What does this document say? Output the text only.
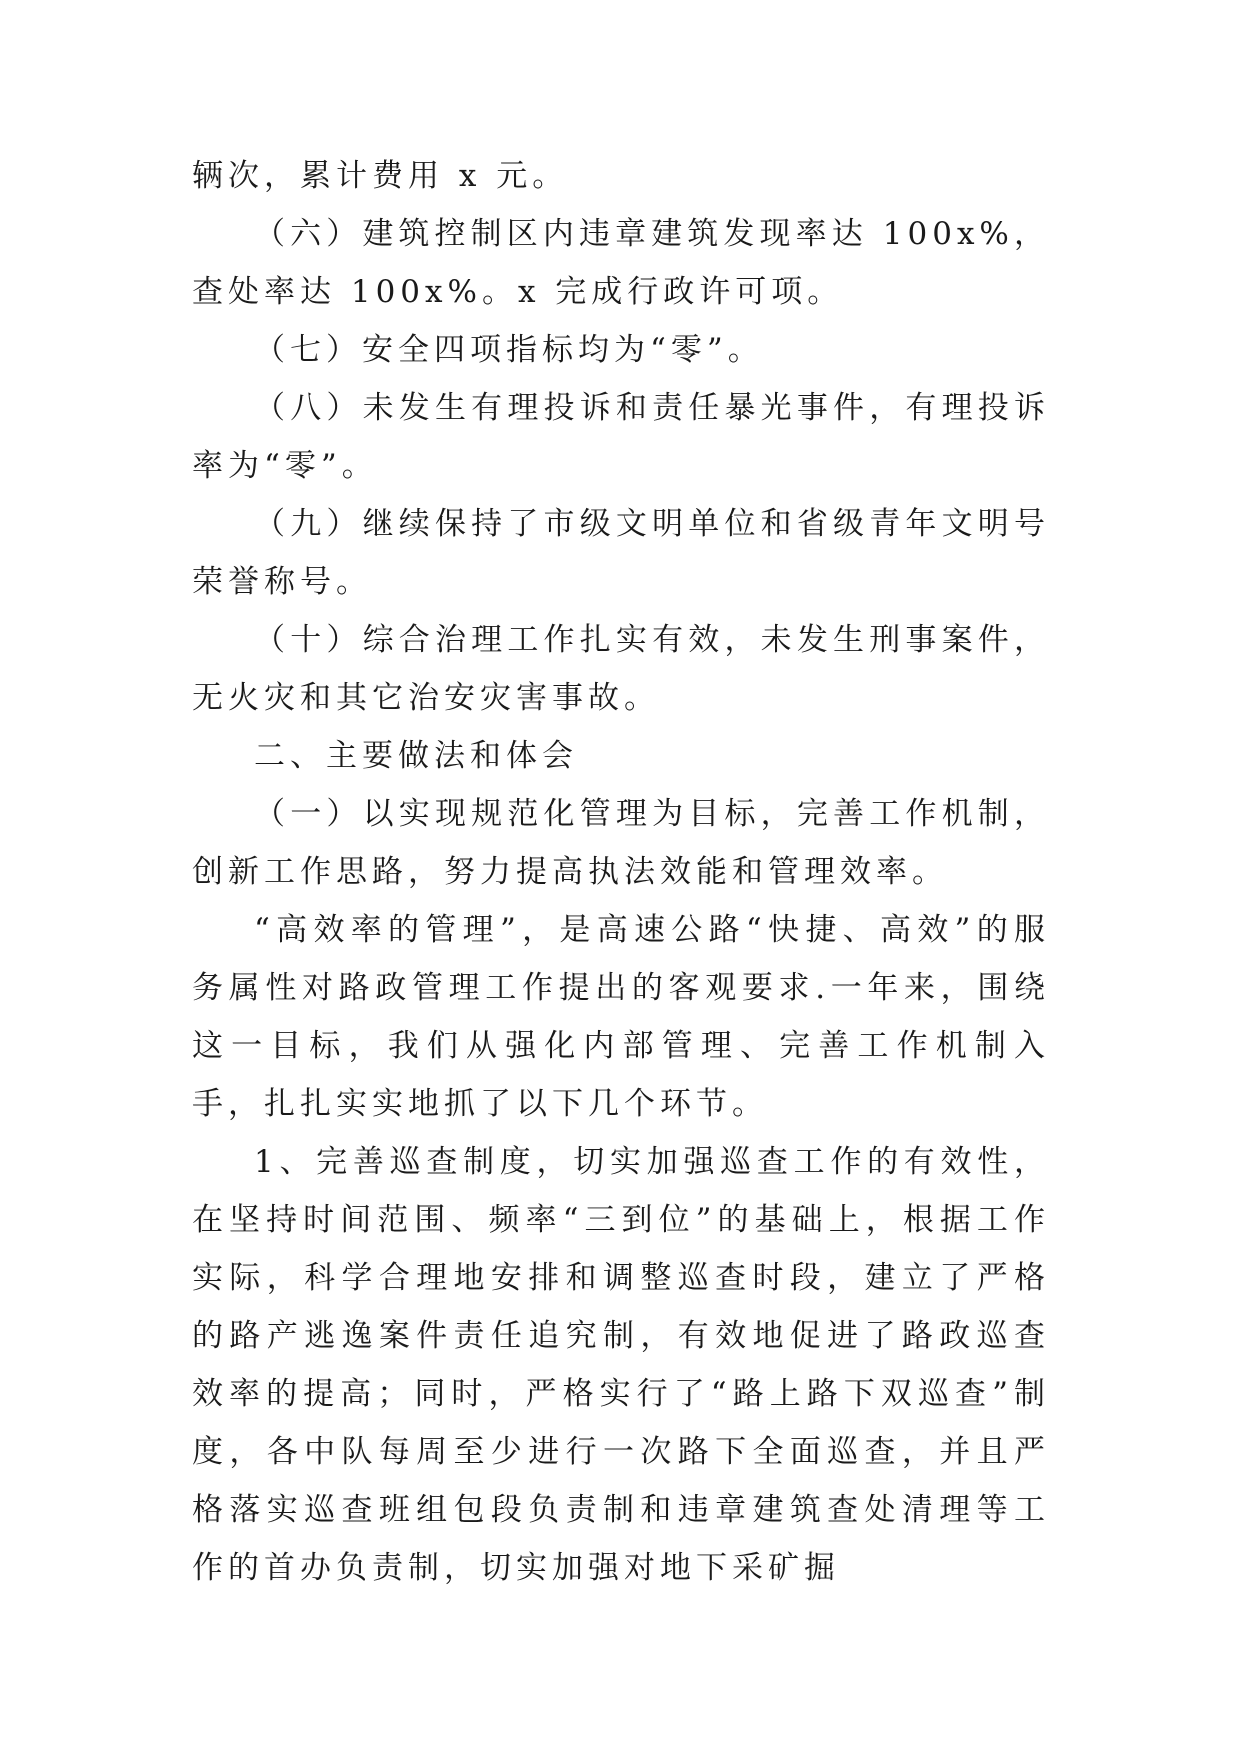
辆次，累计费用 x 元。

（六）建筑控制区内违章建筑发现率达 100x%，查处率达 100x%。x 完成行政许可项。

（七）安全四项指标均为“零”。

（八）未发生有理投诉和责任暴光事件，有理投诉率为“零”。

（九）继续保持了市级文明单位和省级青年文明号荣誉称号。

（十）综合治理工作扎实有效，未发生刑事案件，无火灾和其它治安灾害事故。

二、主要做法和体会

（一）以实现规范化管理为目标，完善工作机制，创新工作思路，努力提高执法效能和管理效率。

“高效率的管理”，是高速公路“快捷、高效”的服务属性对路政管理工作提出的客观要求.一年来，围绕这一目标，我们从强化内部管理、完善工作机制入手，扎扎实实地抓了以下几个环节。

1、完善巡查制度，切实加强巡查工作的有效性，在坚持时间范围、频率“三到位”的基础上，根据工作实际，科学合理地安排和调整巡查时段，建立了严格的路产逃逸案件责任追究制，有效地促进了路政巡查效率的提高；同时，严格实行了“路上路下双巡查”制度，各中队每周至少进行一次路下全面巡查，并且严格落实巡查班组包段负责制和违章建筑查处清理等工作的首办负责制，切实加强对地下采矿掘
